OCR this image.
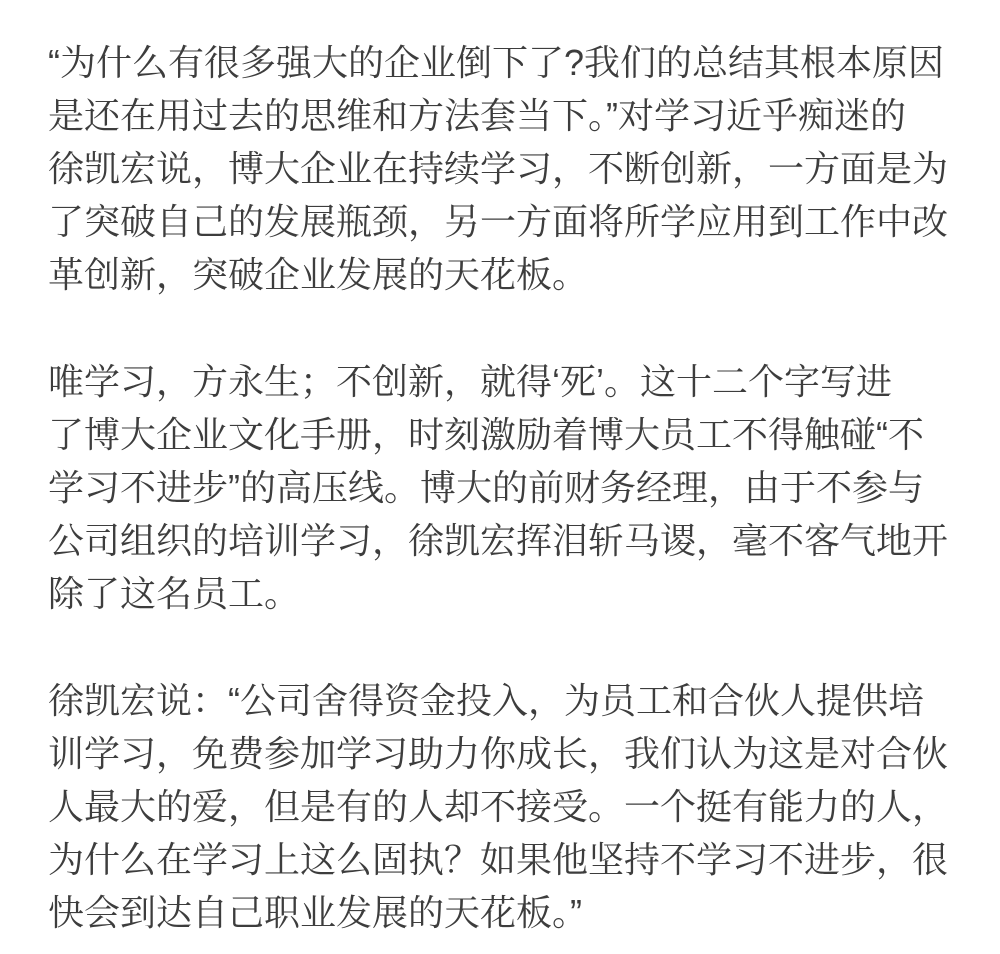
“为什么有很多强大的企业倒下了?我们的总结其根本原因
是还在用过去的思维和方法套当下。”对学习近乎痴迷的
徐凯宏说，博大企业在持续学习，不断创新，一方面是为
了突破自己的发展瓶颈，另一方面将所学应用到工作中改
革创新，突破企业发展的天花板。

唯学习，方永生；不创新，就得‘死’。这十二个字写进
了博大企业文化手册，时刻激励着博大员工不得触碰“不
学习不进步”的高压线。博大的前财务经理，由于不参与
公司组织的培训学习，徐凯宏挥泪斩马谡，毫不客气地开
除了这名员工。

徐凯宏说：“公司舍得资金投入，为员工和合伙人提供培
训学习，免费参加学习助力你成长，我们认为这是对合伙
人最大的爱，但是有的人却不接受。一个挺有能力的人，
为什么在学习上这么固执？如果他坚持不学习不进步，很
快会到达自己职业发展的天花板。”
